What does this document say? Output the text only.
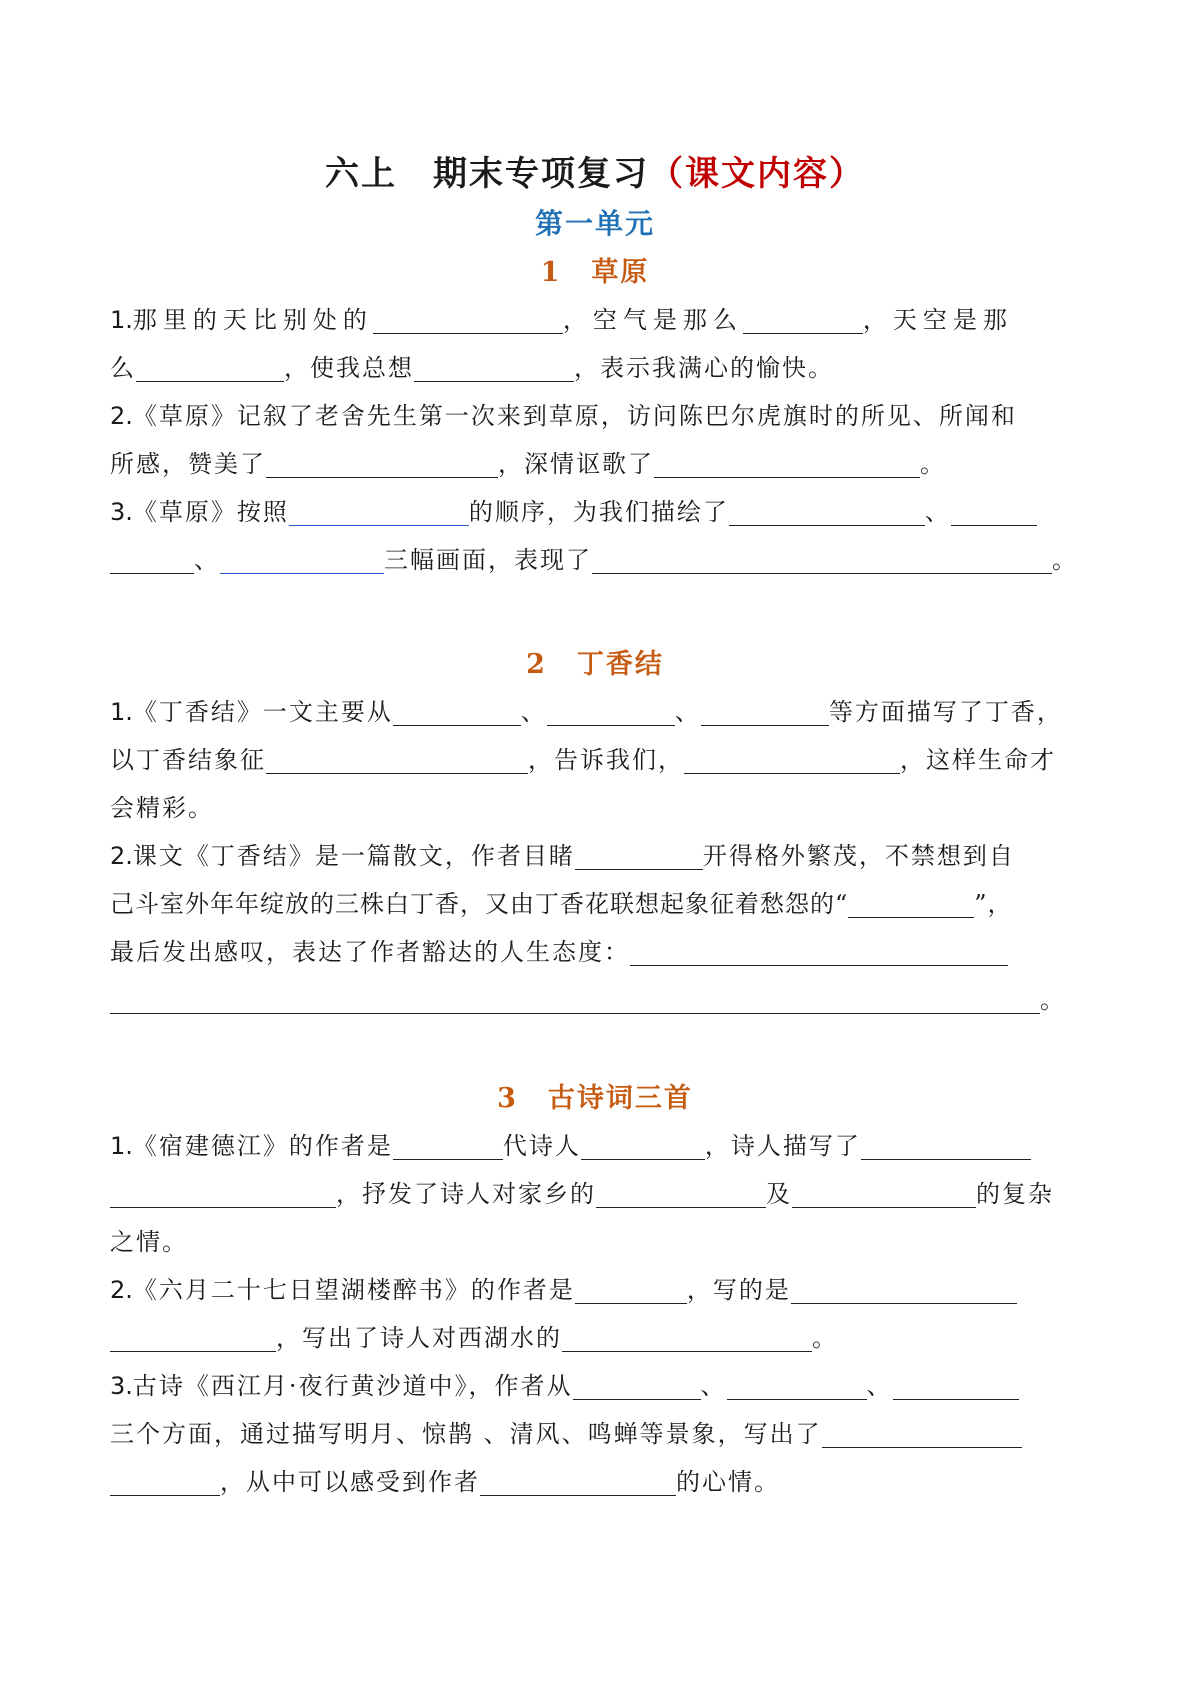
六上 期末专项复习（课文内容）
第一单元
1 草原
1.那里的天比别处的	，空气是那么	，天空是那
么	，使我总想	，表示我满心的愉快。
2.《草原》记叙了老舍先生第一次来到草原，访问陈巴尔虎旗时的所见、所闻和
所感，赞美了	，深情讴歌了	。
3.《草原》按照	的顺序，为我们描绘了	、
、	三幅画面，表现了	。
2 丁香结
1.《丁香结》一文主要从	、	、	等方面描写了丁香，
以丁香结象征	，告诉我们，	，这样生命才
会精彩。
2.课文《丁香结》是一篇散文，作者目睹	开得格外繁茂，不禁想到自
己斗室外年年绽放的三株白丁香，又由丁香花联想起象征着愁怨的“	”，
最后发出感叹，表达了作者豁达的人生态度：
。
3 古诗词三首
1.《宿建德江》的作者是	代诗人	，诗人描写了
，抒发了诗人对家乡的	及	的复杂
之情。
2.《六月二十七日望湖楼醉书》的作者是	，写的是
，写出了诗人对西湖水的	。
3.古诗《西江月·夜行黄沙道中》，作者从	、	、
三个方面，通过描写明月、惊鹊 、清风、鸣蝉等景象，写出了
，从中可以感受到作者	的心情。
